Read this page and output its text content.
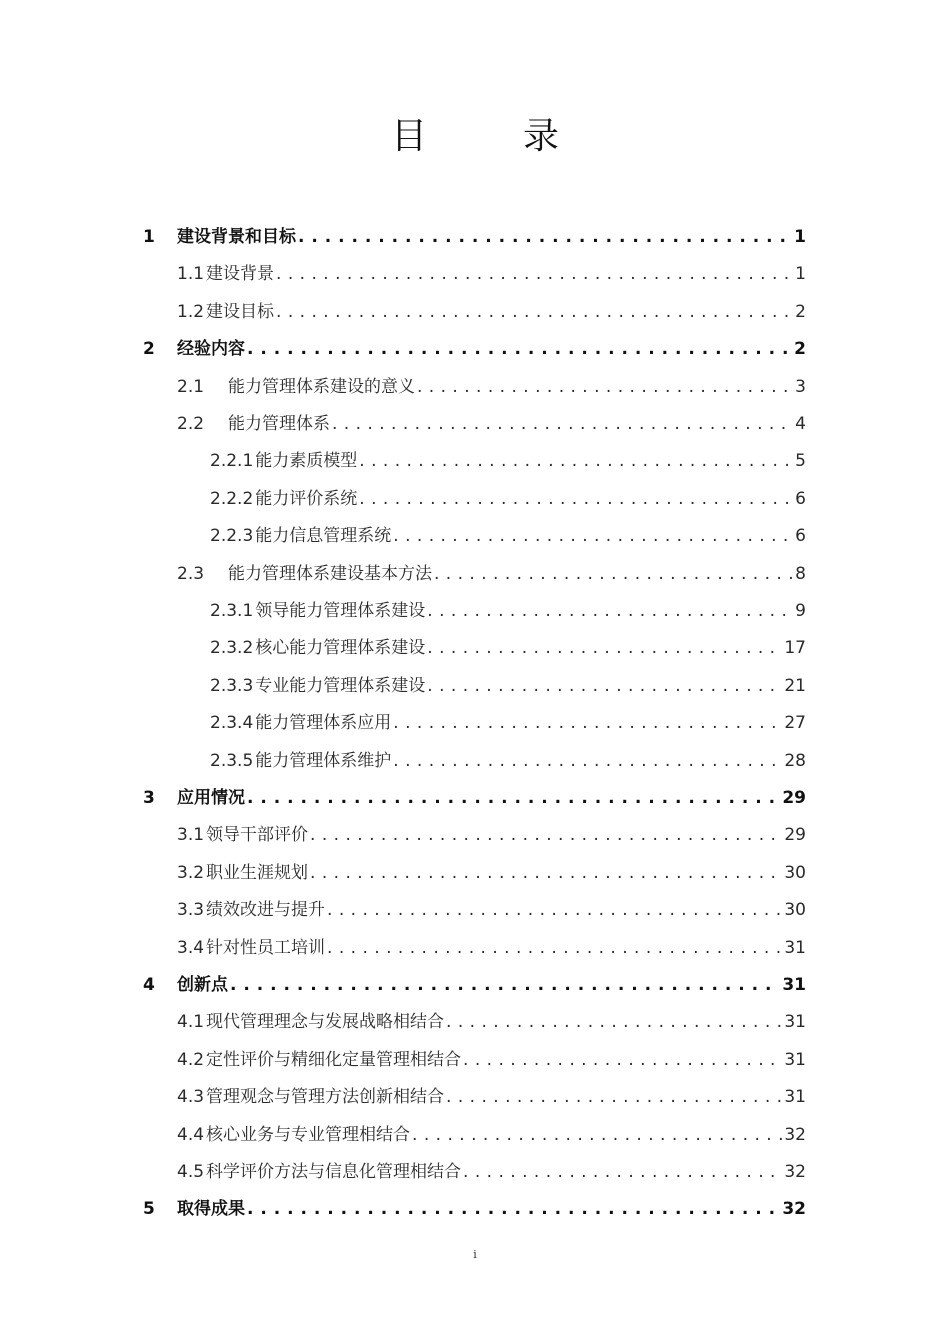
目　录
1	建设背景和目标 . . .	1
1.1 建设背景 . . .	1
1.2 建设目标 . . .	2
2	经验内容 . . .	2
2.1	能力管理体系建设的意义 . . .	3
2.2	能力管理体系 . . .	4
2.2.1 能力素质模型 . . .	5
2.2.2 能力评价系统 . . .	6
2.2.3 能力信息管理系统 . . .	6
2.3	能力管理体系建设基本方法 . . .	8
2.3.1 领导能力管理体系建设 . . .	9
2.3.2 核心能力管理体系建设 . . .	17
2.3.3 专业能力管理体系建设 . . .	21
2.3.4 能力管理体系应用 . . .	27
2.3.5 能力管理体系维护 . . .	28
3	应用情况 . . .	29
3.1 领导干部评价 . . .	29
3.2 职业生涯规划 . . .	30
3.3 绩效改进与提升 . . .	30
3.4 针对性员工培训 . . .	31
4	创新点 . . .	31
4.1 现代管理理念与发展战略相结合 . . .	31
4.2 定性评价与精细化定量管理相结合 . . .	31
4.3 管理观念与管理方法创新相结合 . . .	31
4.4 核心业务与专业管理相结合 . . .	32
4.5 科学评价方法与信息化管理相结合 . . .	32
5	取得成果 . . .	32
i
